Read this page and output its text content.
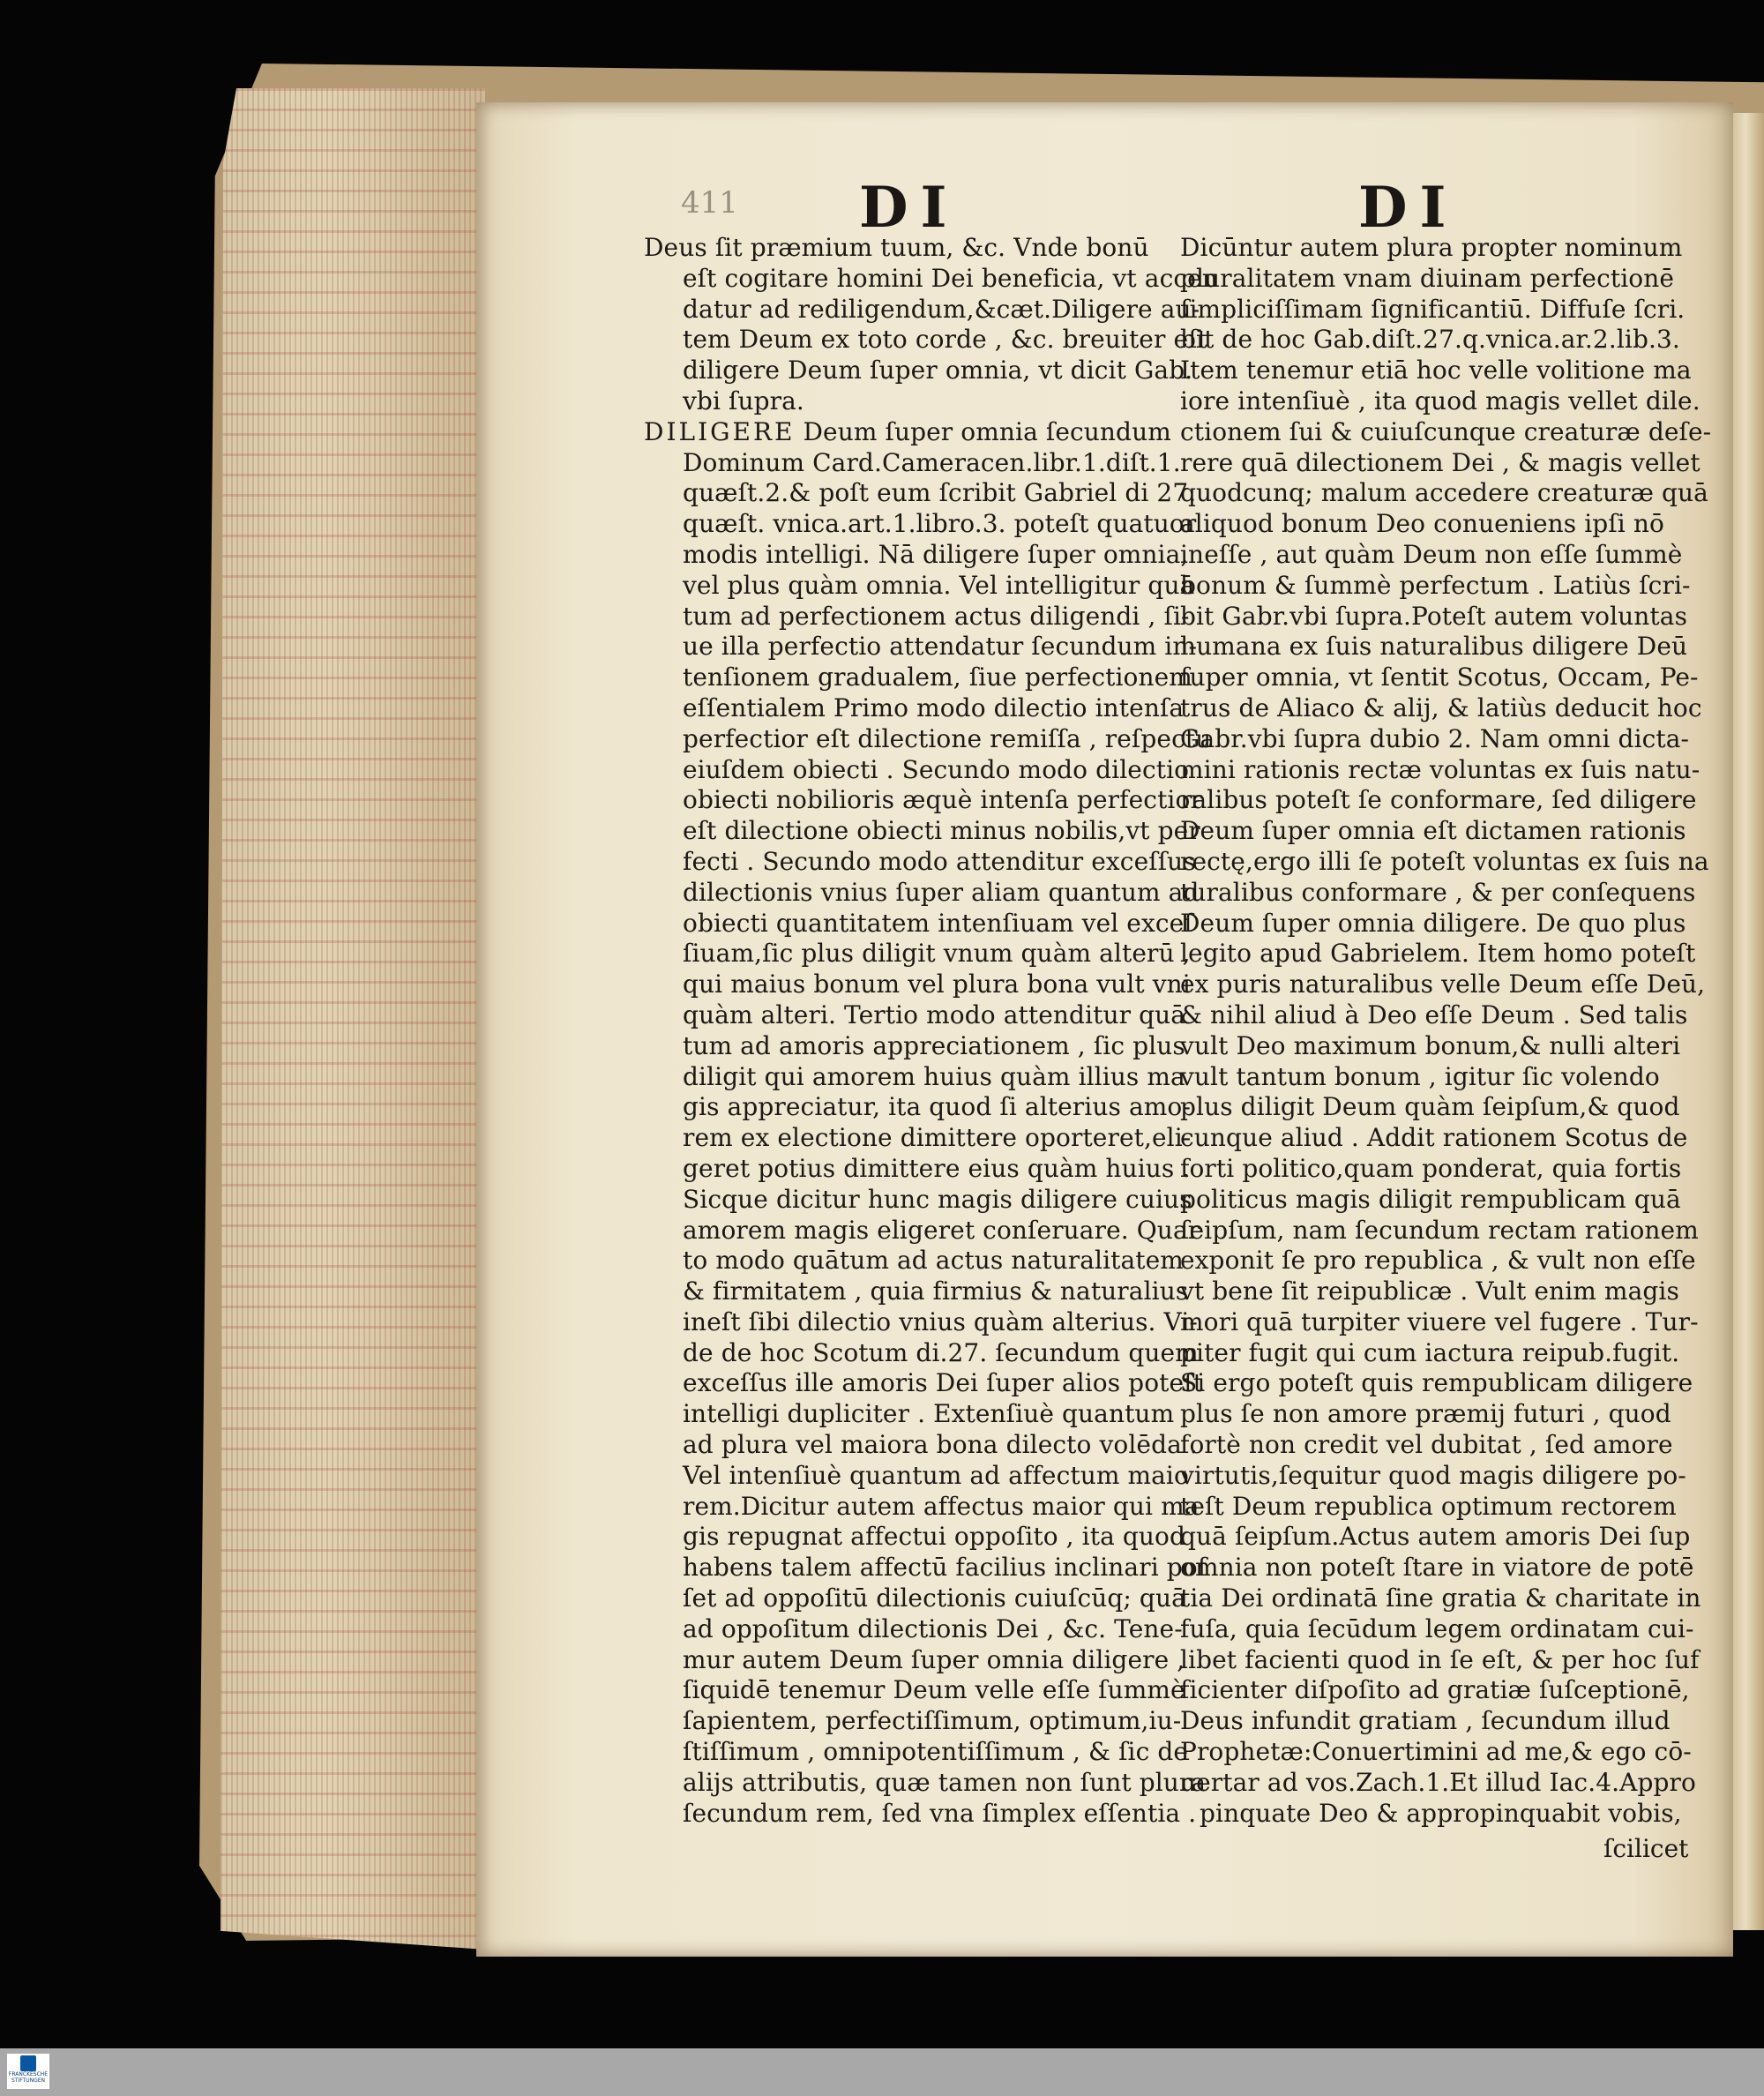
411 DI	DI
Deus ſit præmium tuum, &c. Vnde bonū
eſt cogitare homini Dei beneficia, vt accen
datur ad rediligendum,&cæt.Diligere au-
tem Deum ex toto corde , &c. breuiter eſt
diligere Deum ſuper omnia, vt dicit Gab.
vbi ſupra.
DILIGERE Deum ſuper omnia ſecundum
Dominum Card.Cameracen.libr.1.diſt.1.
quæſt.2.& poſt eum ſcribit Gabriel di 27.
quæſt. vnica.art.1.libro.3. poteſt quatuor
modis intelligi. Nā diligere ſuper omnia,
vel plus quàm omnia. Vel intelligitur quā
tum ad perfectionem actus diligendi , ſi-
ue illa perfectio attendatur ſecundum in-
tenſionem gradualem, ſiue perfectionem
eſſentialem Primo modo dilectio intenſa
perfectior eſt dilectione remiſſa , reſpectu
eiuſdem obiecti . Secundo modo dilectio
obiecti nobilioris æquè intenſa perfectior
eſt dilectione obiecti minus nobilis,vt per
fecti . Secundo modo attenditur exceſſus
dilectionis vnius ſuper aliam quantum ad
obiecti quantitatem intenſiuam vel exceſ
ſiuam,ſic plus diligit vnum quàm alterū ,
qui maius bonum vel plura bona vult vni
quàm alteri. Tertio modo attenditur quā
tum ad amoris appreciationem , ſic plus
diligit qui amorem huius quàm illius ma
gis appreciatur, ita quod ſi alterius amo-
rem ex electione dimittere oporteret,eli-
geret potius dimittere eius quàm huius .
Sicque dicitur hunc magis diligere cuius
amorem magis eligeret conſeruare. Quar
to modo quātum ad actus naturalitatem
& firmitatem , quia firmius & naturalius
ineſt ſibi dilectio vnius quàm alterius. Vi-
de de hoc Scotum di.27. ſecundum quem
exceſſus ille amoris Dei ſuper alios poteſt
intelligi dupliciter . Extenſiuè quantum
ad plura vel maiora bona dilecto volēda .
Vel intenſiuè quantum ad affectum maio
rem.Dicitur autem affectus maior qui ma
gis repugnat affectui oppoſito , ita quod
habens talem affectū facilius inclinari poſ
ſet ad oppoſitū dilectionis cuiuſcūq; quā
ad oppoſitum dilectionis Dei , &c. Tene-
mur autem Deum ſuper omnia diligere ,
ſiquidē tenemur Deum velle eſſe ſummè
ſapientem, perfectiſſimum, optimum,iu-
ſtiſſimum , omnipotentiſſimum , & ſic de
alijs attributis, quæ tamen non ſunt plura
ſecundum rem, ſed vna ſimplex eſſentia .
Dicūntur autem plura propter nominum
pluralitatem vnam diuinam perfectionē
ſimpliciſſimam ſignificantiū. Diffuſe ſcri.
bit de hoc Gab.diſt.27.q.vnica.ar.2.lib.3.
Item tenemur etiā hoc velle volitione ma
iore intenſiuè , ita quod magis vellet dile.
ctionem ſui & cuiuſcunque creaturæ deſe-
rere quā dilectionem Dei , & magis vellet
quodcunq; malum accedere creaturæ quā
aliquod bonum Deo conueniens ipſi nō
ineſſe , aut quàm Deum non eſſe ſummè
bonum & ſummè perfectum . Latiùs ſcri-
bit Gabr.vbi ſupra.Poteſt autem voluntas
humana ex ſuis naturalibus diligere Deū
ſuper omnia, vt ſentit Scotus, Occam, Pe-
trus de Aliaco & alij, & latiùs deducit hoc
Gabr.vbi ſupra dubio 2. Nam omni dicta-
mini rationis rectæ voluntas ex ſuis natu-
ralibus poteſt ſe conformare, ſed diligere
Deum ſuper omnia eſt dictamen rationis
rectę,ergo illi ſe poteſt voluntas ex ſuis na
turalibus conformare , & per conſequens
Deum ſuper omnia diligere. De quo plus
legito apud Gabrielem. Item homo poteſt
ex puris naturalibus velle Deum eſſe Deū,
& nihil aliud à Deo eſſe Deum . Sed talis
vult Deo maximum bonum,& nulli alteri
vult tantum bonum , igitur ſic volendo
plus diligit Deum quàm ſeipſum,& quod
cunque aliud . Addit rationem Scotus de
forti politico,quam ponderat, quia fortis
politicus magis diligit rempublicam quā
ſeipſum, nam ſecundum rectam rationem
exponit ſe pro republica , & vult non eſſe
vt bene ſit reipublicæ . Vult enim magis
mori quā turpiter viuere vel fugere . Tur-
piter fugit qui cum iactura reipub.fugit.
Si ergo poteſt quis rempublicam diligere
plus ſe non amore præmij futuri , quod
fortè non credit vel dubitat , ſed amore
virtutis,ſequitur quod magis diligere po-
teſt Deum republica optimum rectorem
quā ſeipſum.Actus autem amoris Dei ſup
omnia non poteſt ſtare in viatore de potē
tia Dei ordinatā ſine gratia & charitate in
fuſa, quia ſecūdum legem ordinatam cui-
libet facienti quod in ſe eſt, & per hoc ſuf
ficienter diſpoſito ad gratiæ ſuſceptionē,
Deus infundit gratiam , ſecundum illud
Prophetæ:Conuertimini ad me,& ego cō-
uertar ad vos.Zach.1.Et illud Iac.4.Appro
pinquate Deo & appropinquabit vobis,
ſcilicet
FRANCKESCHE STIFTUNGEN
